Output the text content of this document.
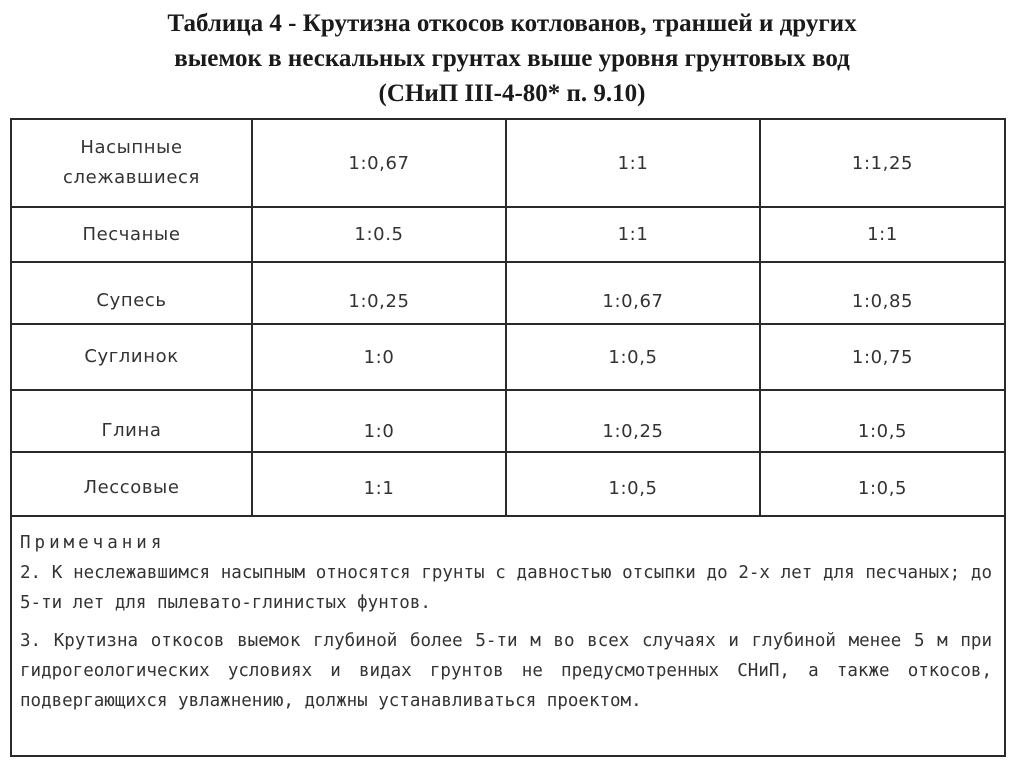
Таблица 4 - Крутизна откосов котлованов, траншей и других
выемок в нескальных грунтах выше уровня грунтовых вод
(СНиП III-4-80* п. 9.10)
Насыпные
слежавшиеся	1:0,67	1:1	1:1,25
Песчаные	1:0.5	1:1	1:1
Супесь	1:0,25	1:0,67	1:0,85
Суглинок	1:0	1:0,5	1:0,75
Глина	1:0	1:0,25	1:0,5
Лессовые	1:1	1:0,5	1:0,5
Примечания

2. К неслежавшимся насыпным относятся грунты с давностью отсыпки до 2-х лет для песчаных; до 5-ти лет для пылевато-глинистых фунтов.

3. Крутизна откосов выемок глубиной более 5-ти м во всех случаях и глубиной менее 5 м при гидрогеологических условиях и видах грунтов не предусмотренных СНиП, а также откосов, подвергающихся увлажнению, должны устанавливаться проектом.
